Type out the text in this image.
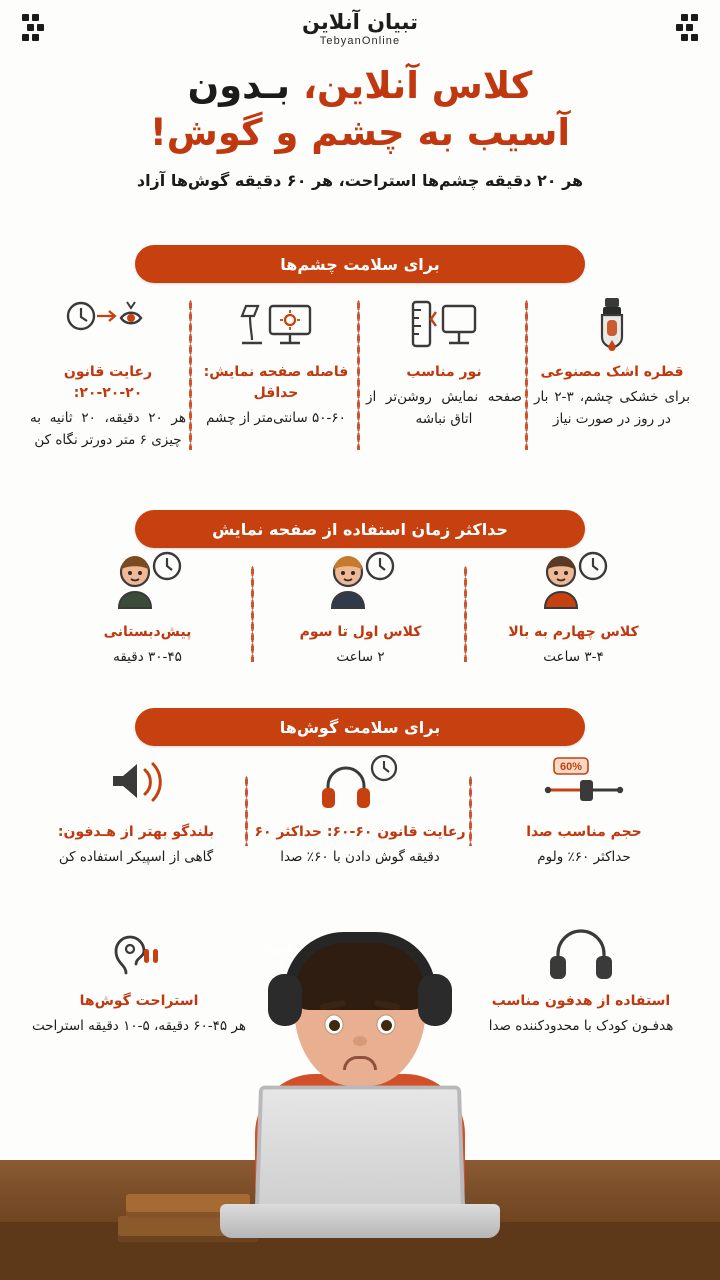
تبیان آنلاین
TebyanOnline
کلاس آنلاین، بـدون
آسیب به چشم و گوش!
هر ۲۰ دقیقه چشم‌ها استراحت، هر ۶۰ دقیقه گوش‌ها آزاد
برای سلامت چشم‌ها
قطره اشک مصنوعی
برای خشکی چشم، ۳-۲ بار در روز در صورت نیاز
نور مناسب
صفحه نمایش روشن‌تر از اتاق نباشه
فاصله صفحه نمایش: حداقل
۵۰-۶۰ سانتی‌متر از چشم
رعایت قانون ۲۰-۲۰-۲۰:
هر ۲۰ دقیقه، ۲۰ ثانیه به چیزی ۶ متر دورتر نگاه کن
حداکثر زمان استفاده از صفحه نمایش
کلاس چهارم به بالا
۳-۴ ساعت
کلاس اول تا سوم
۲ ساعت
پیش‌دبستانی
۳۰-۴۵ دقیقه
برای سلامت گوش‌ها
60%
حجم مناسب صدا
حداکثر ۶۰٪ ولوم
رعایت قانون ۶۰-۶۰: حداکثر ۶۰
دقیقه گوش دادن با ۶۰٪ صدا
بلندگو بهتر از هـدفون:
گاهی از اسپیکر استفاده کن
استفاده از هدفون مناسب
هدفـون کودک با محدودکننده صدا
استراحت گوش‌ها
هر ۴۵-۶۰ دقیقه، ۵-۱۰ دقیقه استراحت
ت
بیان
